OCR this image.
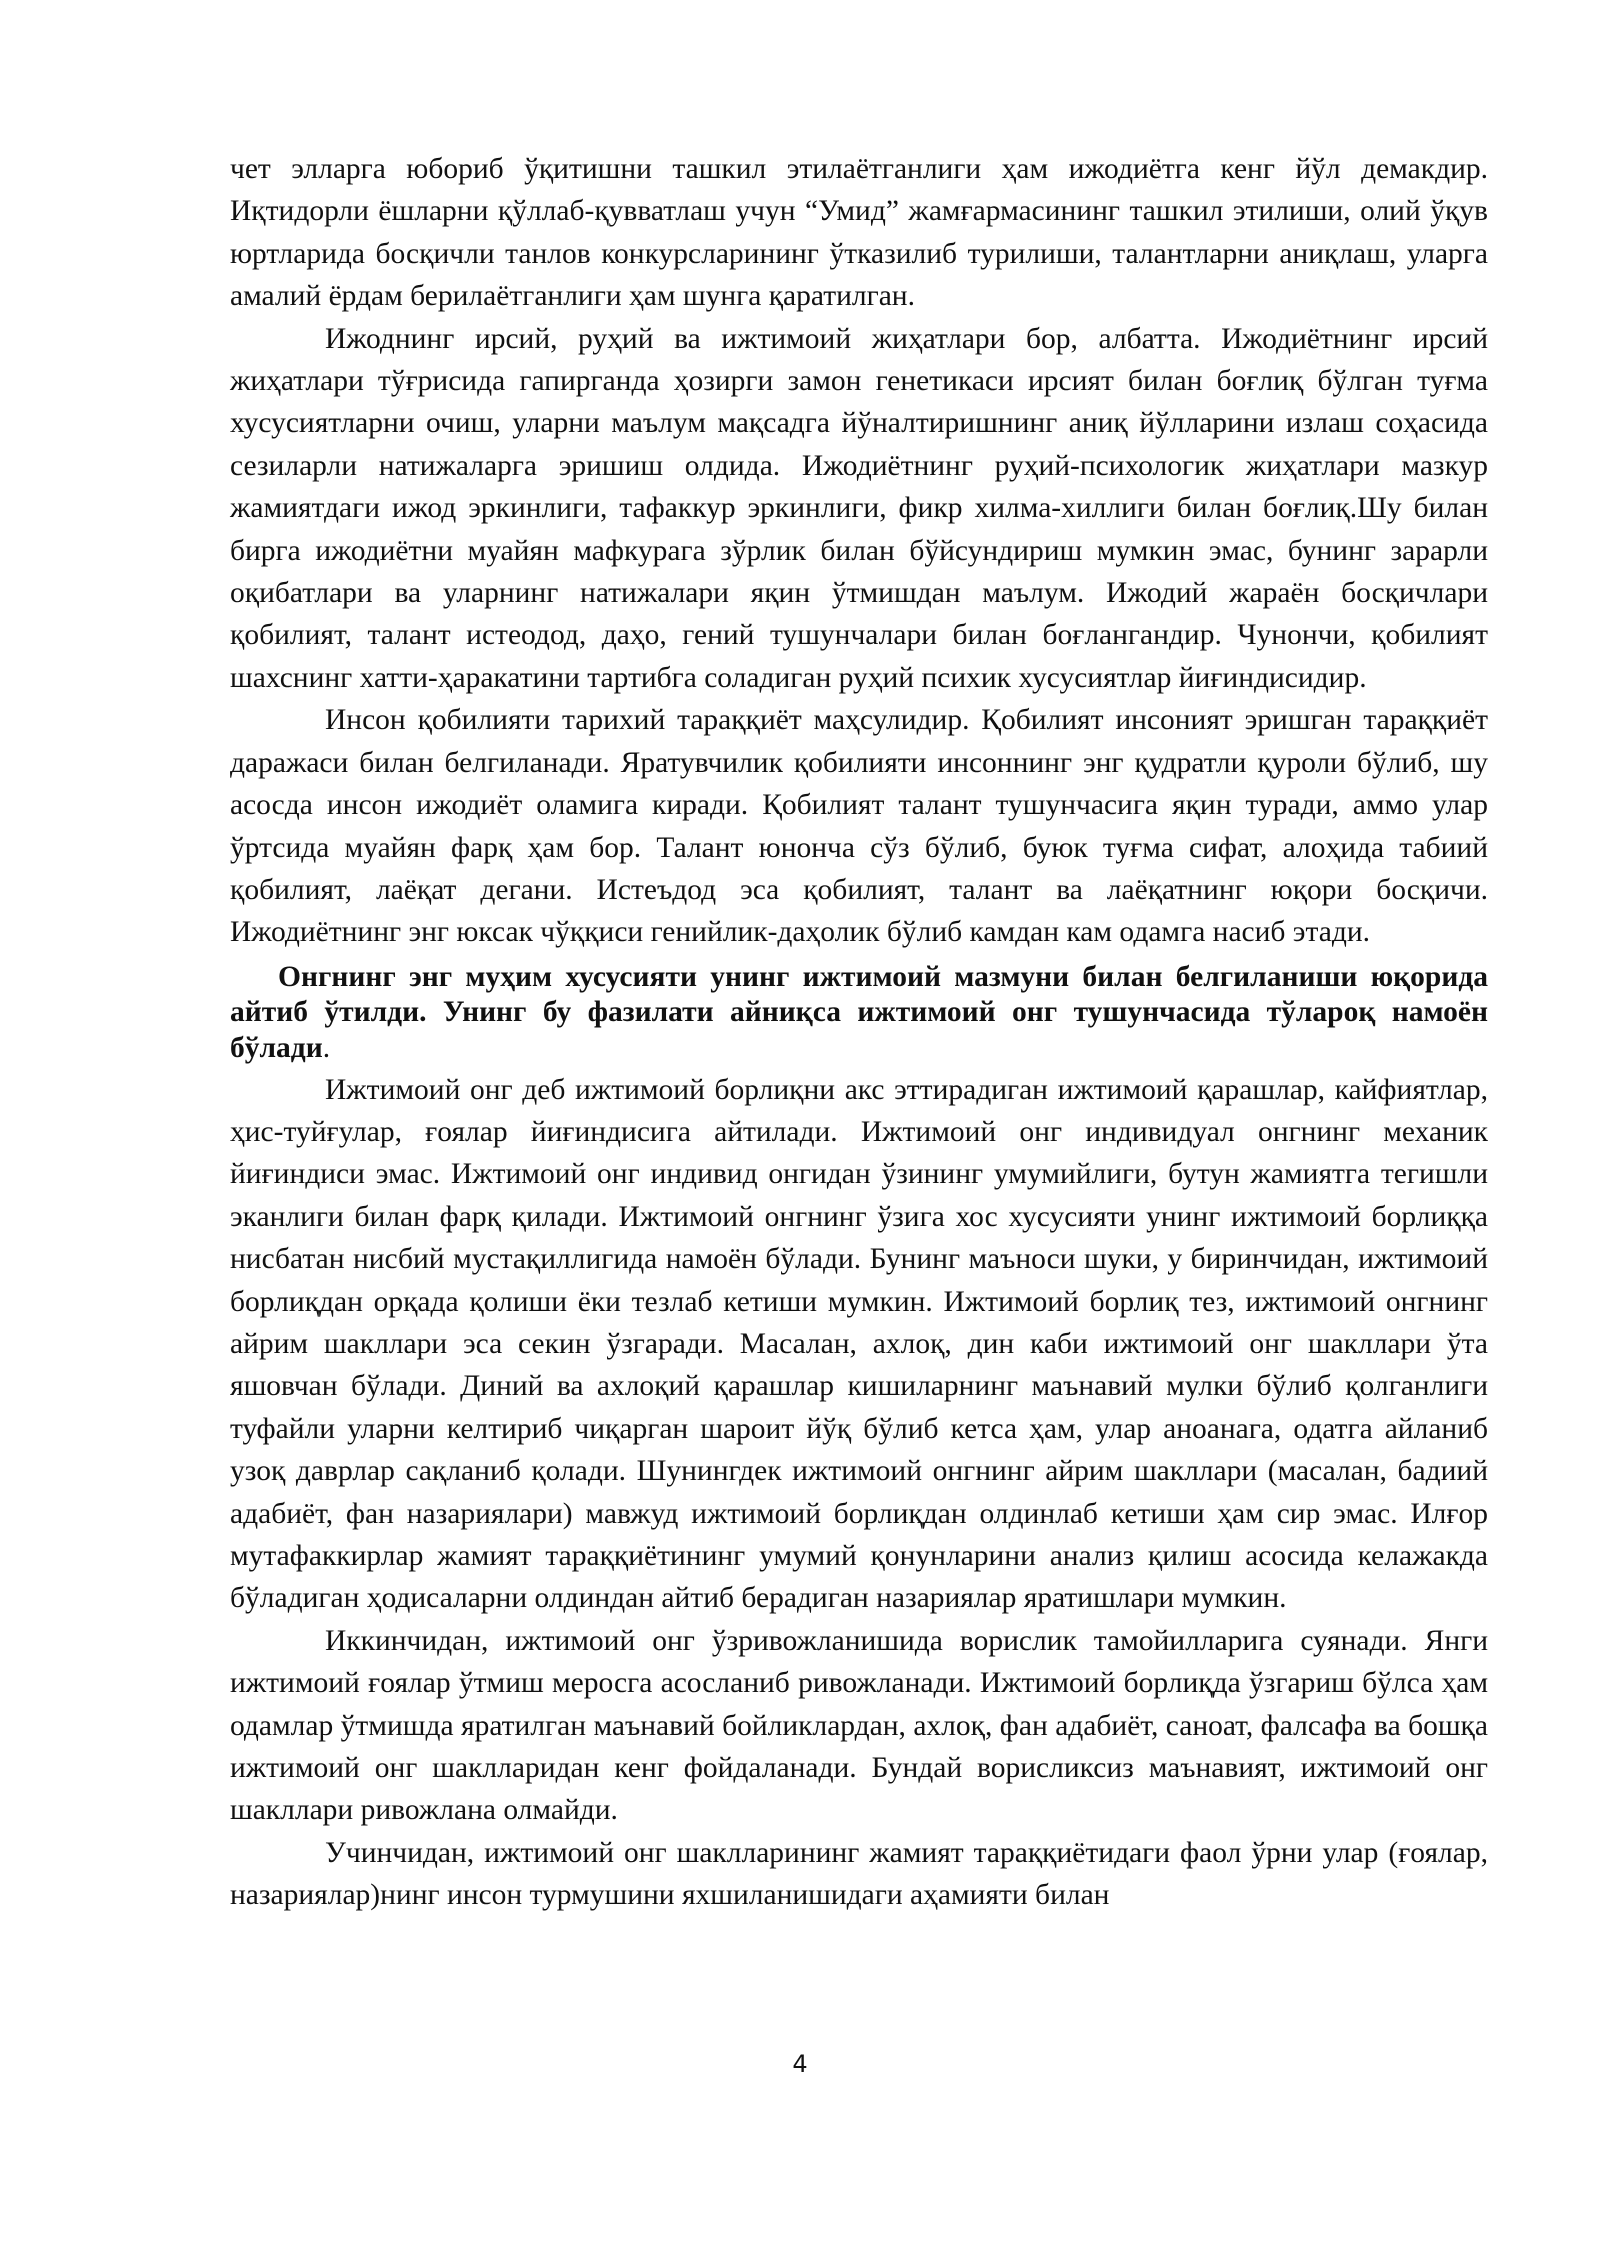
чет элларга юбориб ўқитишни ташкил этилаётганлиги ҳам ижодиётга кенг йўл демакдир. Иқтидорли ёшларни қўллаб-қувватлаш учун “Умид” жамғармасининг ташкил этилиши, олий ўқув юртларида босқичли танлов конкурсларининг ўтказилиб турилиши, талантларни аниқлаш, уларга амалий ёрдам берилаётганлиги ҳам шунга қаратилган.

Ижоднинг ирсий, руҳий ва ижтимоий жиҳатлари бор, албатта. Ижодиётнинг ирсий жиҳатлари тўғрисида гапирганда ҳозирги замон генетикаси ирсият билан боғлиқ бўлган туғма хусусиятларни очиш, уларни маълум мақсадга йўналтиришнинг аниқ йўлларини излаш соҳасида сезиларли натижаларга эришиш олдида. Ижодиётнинг руҳий-психологик жиҳатлари мазкур жамиятдаги ижод эркинлиги, тафаккур эркинлиги, фикр хилма-хиллиги билан боғлиқ.Шу билан бирга ижодиётни муайян мафкурага зўрлик билан бўйсундириш мумкин эмас, бунинг зарарли оқибатлари ва уларнинг натижалари яқин ўтмишдан маълум. Ижодий жараён босқичлари қобилият, талант истеодод, даҳо, гений тушунчалари билан боғлангандир. Чунончи, қобилият шахснинг хатти-ҳаракатини тартибга соладиган руҳий психик хусусиятлар йиғиндисидир.

Инсон қобилияти тарихий тараққиёт маҳсулидир. Қобилият инсоният эришган тараққиёт даражаси билан белгиланади. Яратувчилик қобилияти инсоннинг энг қудратли қуроли бўлиб, шу асосда инсон ижодиёт оламига киради. Қобилият талант тушунчасига яқин туради, аммо улар ўртсида муайян фарқ ҳам бор. Талант юнонча сўз бўлиб, буюк туғма сифат, алоҳида табиий қобилият, лаёқат дегани. Истеъдод эса қобилият, талант ва лаёқатнинг юқори босқичи. Ижодиётнинг энг юксак чўққиси генийлик-даҳолик бўлиб камдан кам одамга насиб этади.

Онгнинг энг муҳим хусусияти унинг ижтимоий мазмуни билан белгиланиши юқорида айтиб ўтилди. Унинг бу фазилати айниқса ижтимоий онг тушунчасида тўларoқ намоён бўлади.

Ижтимоий онг деб ижтимоий борлиқни акс эттирадиган ижтимоий қарашлар, кайфиятлар, ҳис-туйғулар, ғоялар йиғиндисига айтилади. Ижтимоий онг индивидуал онгнинг механик йиғиндиси эмас. Ижтимоий онг индивид онгидан ўзининг умумийлиги, бутун жамиятга тегишли эканлиги билан фарқ қилади. Ижтимоий онгнинг ўзига хос хусусияти унинг ижтимоий борлиққа нисбатан нисбий мустақиллигида намоён бўлади. Бунинг маъноси шуки, у биринчидан, ижтимоий борлиқдан орқада қолиши ёки тезлаб кетиши мумкин. Ижтимоий борлиқ тез, ижтимоий онгнинг айрим шакллари эса секин ўзгаради. Масалан, ахлоқ, дин каби ижтимоий онг шакллари ўта яшовчан бўлади. Диний ва ахлоқий қарашлар кишиларнинг маънавий мулки бўлиб қолганлиги туфайли уларни келтириб чиқарган шароит йўқ бўлиб кетса ҳам, улар аноанага, одатга айланиб узоқ даврлар сақланиб қолади. Шунингдек ижтимоий онгнинг айрим шакллари (масалан, бадиий адабиёт, фан назариялари) мавжуд ижтимоий борлиқдан олдинлаб кетиши ҳам сир эмас. Илғор мутафаккирлар жамият тараққиётининг умумий қонунларини анализ қилиш асосида келажакда бўладиган ҳодисаларни олдиндан айтиб берадиган назариялар яратишлари мумкин.

Иккинчидан, ижтимоий онг ўзривожланишида ворислик тамойилларига суянади. Янги ижтимоий ғоялар ўтмиш меросга асосланиб ривожланади. Ижтимоий борлиқда ўзгариш бўлса ҳам одамлар ўтмишда яратилган маънавий бойликлардан, ахлоқ, фан адабиёт, саноат, фалсафа ва бошқа ижтимоий онг шаклларидан кенг фойдаланади. Бундай ворисликсиз маънавият, ижтимоий онг шакллари ривожлана олмайди.

Учинчидан, ижтимоий онг шаклларининг жамият тараққиётидаги фаол ўрни улар (ғоялар, назариялар)нинг инсон турмушини яхшиланишидаги аҳамияти билан

4
